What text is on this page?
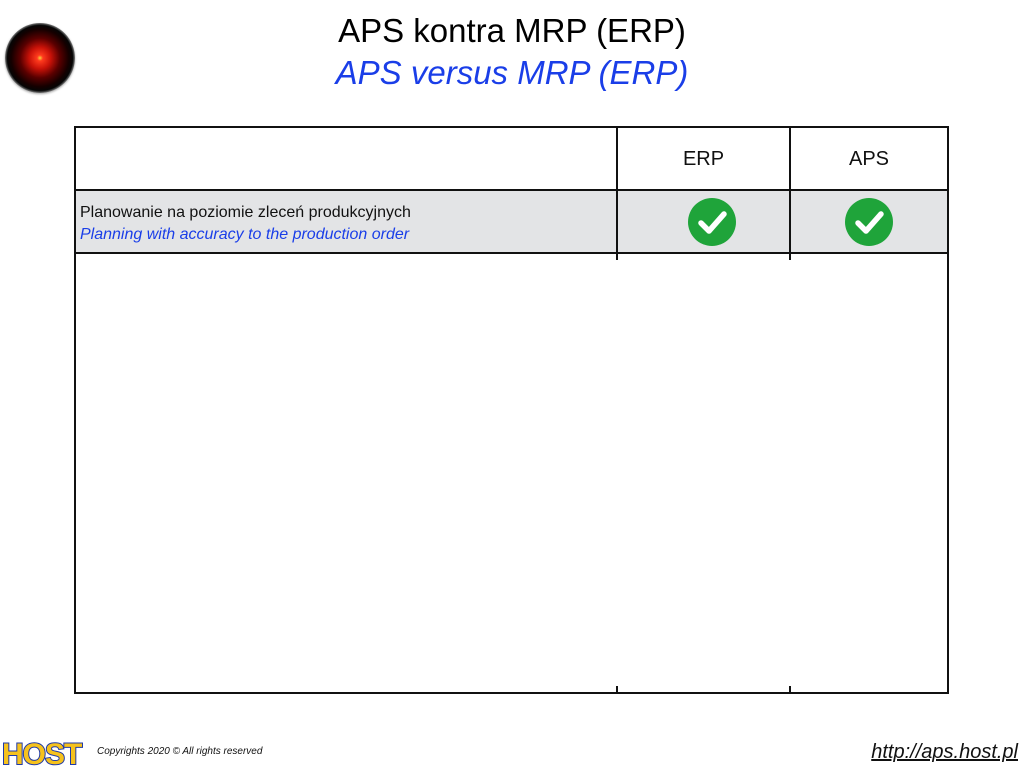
APS kontra MRP (ERP)
APS versus MRP (ERP)
ERP	APS
Planowanie na poziomie zleceń produkcyjnych
Planning with accuracy to the production order
HOST Copyrights 2020 © All rights reserved	http://aps.host.pl
